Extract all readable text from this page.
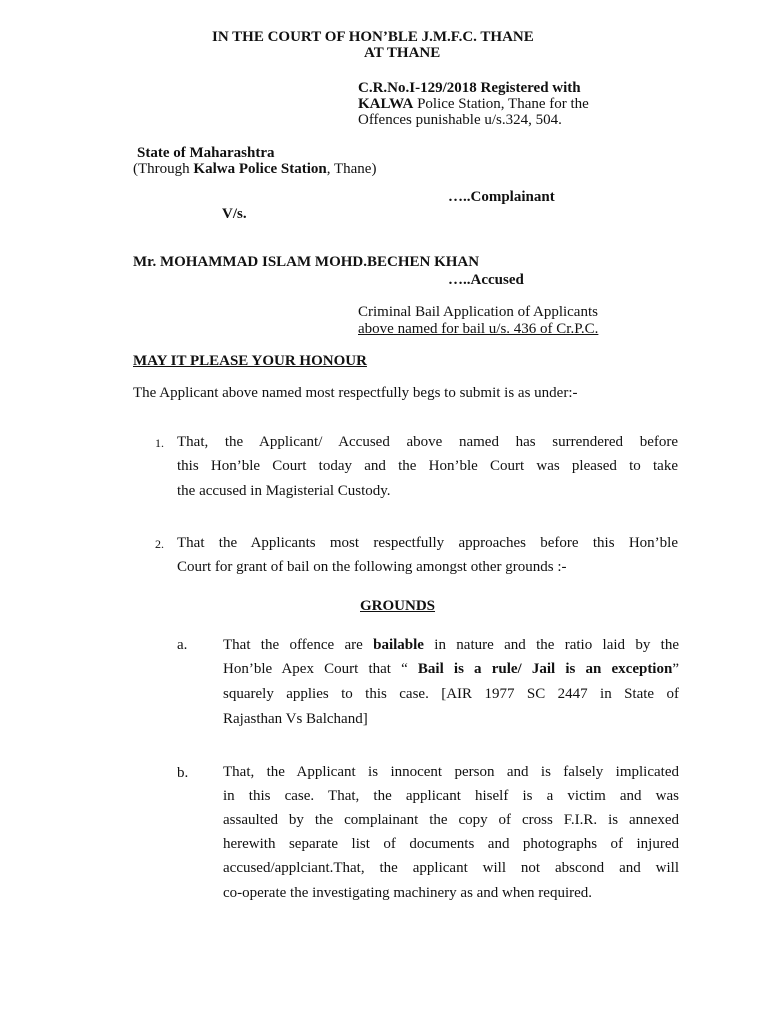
IN THE COURT OF HON’BLE J.M.F.C. THANE
AT THANE
C.R.No.I-129/2018 Registered with
KALWA Police Station, Thane for the
Offences punishable u/s.324, 504.
State of Maharashtra
(Through Kalwa Police Station, Thane)
…..Complainant
V/s.
Mr. MOHAMMAD ISLAM MOHD.BECHEN KHAN
…..Accused
Criminal Bail Application of Applicants
above named for bail u/s. 436 of Cr.P.C.
MAY IT PLEASE YOUR HONOUR
The Applicant above named most respectfully begs to submit is as under:-
1. That, the Applicant/ Accused above named has surrendered before
this Hon’ble Court today and the Hon’ble Court was pleased to take
the accused in Magisterial Custody.
2. That the Applicants most respectfully approaches before this Hon’ble
Court for grant of bail on the following amongst other grounds :-
GROUNDS
a. That the offence are bailable in nature and the ratio laid by the
Hon’ble Apex Court that “ Bail is a rule/ Jail is an exception”
squarely applies to this case. [AIR 1977 SC 2447 in State of
Rajasthan Vs Balchand]
b. That, the Applicant is innocent person and is falsely implicated
in this case. That, the applicant hiself is a victim and was
assaulted by the complainant the copy of cross F.I.R. is annexed
herewith separate list of documents and photographs of injured
accused/applciant.That, the applicant will not abscond and will
co-operate the investigating machinery as and when required.
